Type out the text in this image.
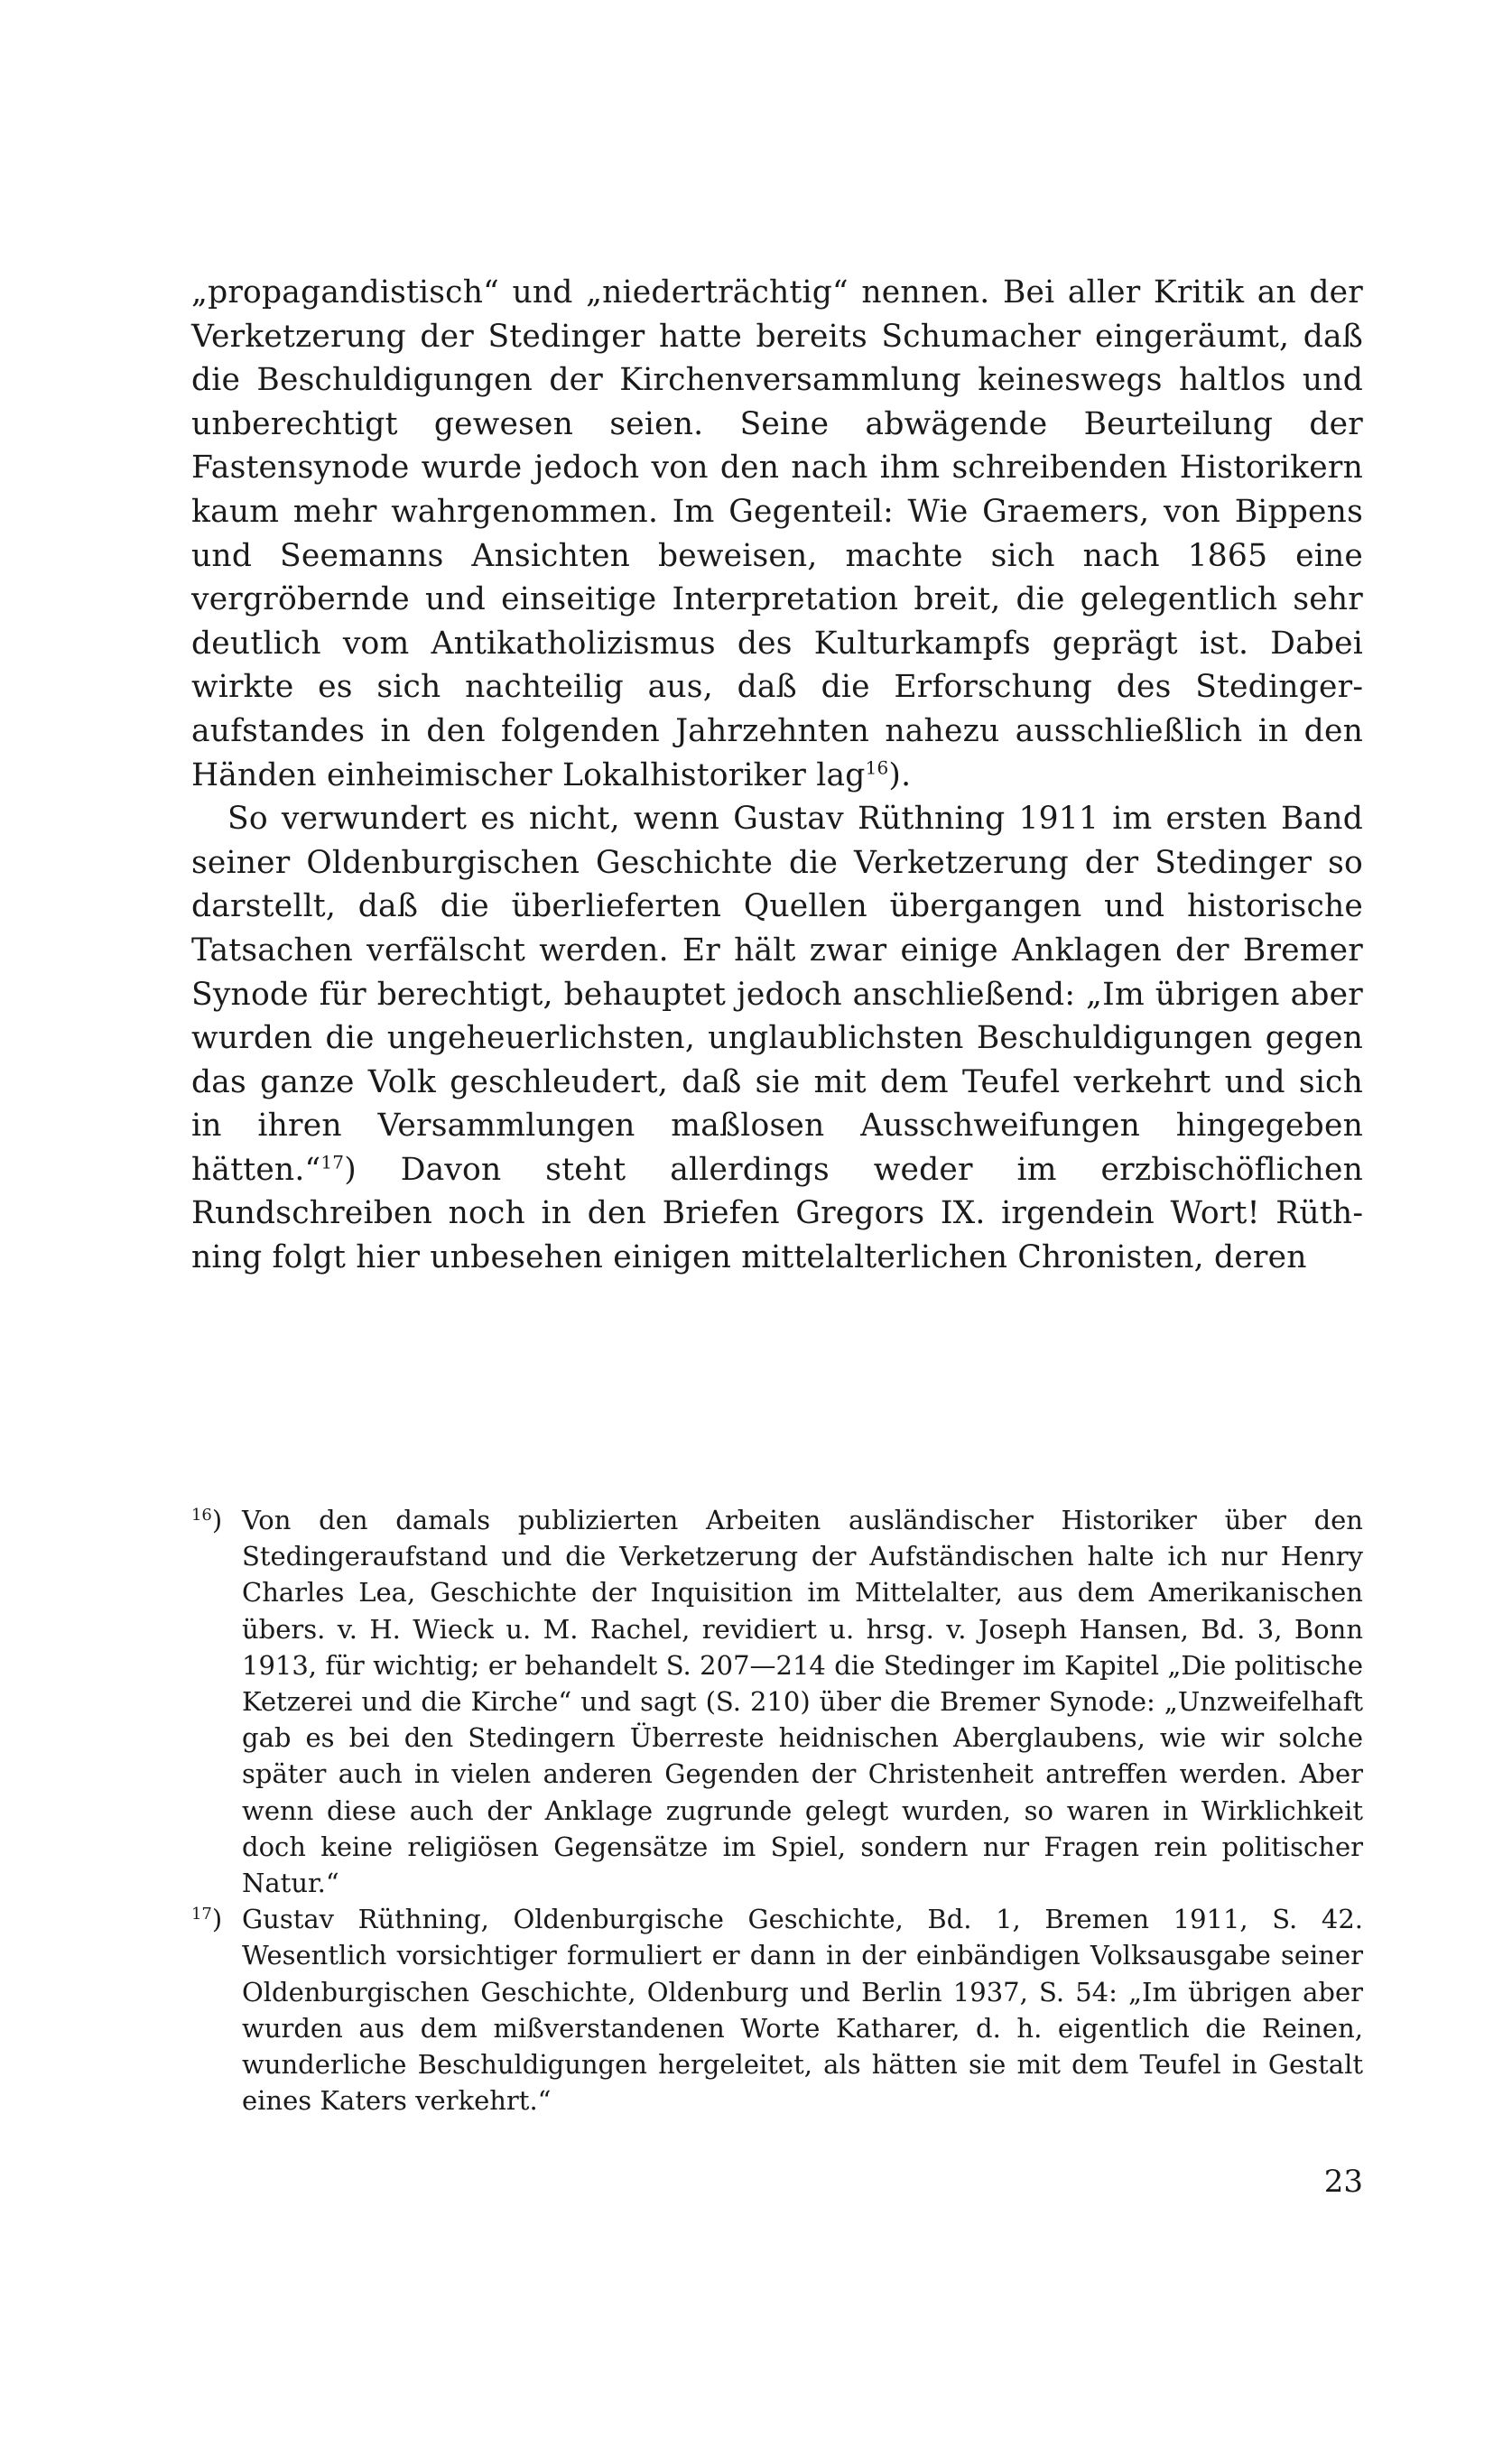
„propagandistisch“ und „niederträchtig“ nennen. Bei aller Kritik an der Verketzerung der Stedinger hatte bereits Schumacher eingeräumt, daß die Beschuldigungen der Kirchenversammlung keineswegs haltlos und unberechtigt gewesen seien. Seine abwägende Beurteilung der Fastensynode wurde jedoch von den nach ihm schreibenden Historikern kaum mehr wahrgenommen. Im Gegenteil: Wie Graemers, von Bippens und Seemanns Ansichten beweisen, machte sich nach 1865 eine vergröbernde und einseitige Interpretation breit, die gelegentlich sehr deutlich vom Antikatholizismus des Kulturkampfs geprägt ist. Dabei wirkte es sich nachteilig aus, daß die Erforschung des Stedingeraufstandes in den folgenden Jahrzehnten nahezu ausschließlich in den Händen einheimischer Lokalhistoriker lag$^{16}$).

So verwundert es nicht, wenn Gustav Rüthning 1911 im ersten Band seiner Oldenburgischen Geschichte die Verketzerung der Stedinger so darstellt, daß die überlieferten Quellen übergangen und historische Tatsachen verfälscht werden. Er hält zwar einige Anklagen der Bremer Synode für berechtigt, behauptet jedoch anschließend: „Im übrigen aber wurden die ungeheuerlichsten, unglaublichsten Beschuldigungen gegen das ganze Volk geschleudert, daß sie mit dem Teufel verkehrt und sich in ihren Versammlungen maßlosen Ausschweifungen hingegeben hätten.“$^{17}$) Davon steht allerdings weder im erzbischöflichen Rundschreiben noch in den Briefen Gregors IX. irgendein Wort! Rüthning folgt hier unbesehen einigen mittelalterlichen Chronisten, deren

$^{16}$) Von den damals publizierten Arbeiten ausländischer Historiker über den Stedingeraufstand und die Verketzerung der Aufständischen halte ich nur Henry Charles Lea, Geschichte der Inquisition im Mittelalter, aus dem Amerikanischen übers. v. H. Wieck u. M. Rachel, revidiert u. hrsg. v. Joseph Hansen, Bd. 3, Bonn 1913, für wichtig; er behandelt S. 207—214 die Stedinger im Kapitel „Die politische Ketzerei und die Kirche“ und sagt (S. 210) über die Bremer Synode: „Unzweifelhaft gab es bei den Stedingern Überreste heidnischen Aberglaubens, wie wir solche später auch in vielen anderen Gegenden der Christenheit antreffen werden. Aber wenn diese auch der Anklage zugrunde gelegt wurden, so waren in Wirklichkeit doch keine religiösen Gegensätze im Spiel, sondern nur Fragen rein politischer Natur.“
$^{17}$) Gustav Rüthning, Oldenburgische Geschichte, Bd. 1, Bremen 1911, S. 42. Wesentlich vorsichtiger formuliert er dann in der einbändigen Volksausgabe seiner Oldenburgischen Geschichte, Oldenburg und Berlin 1937, S. 54: „Im übrigen aber wurden aus dem mißverstandenen Worte Katharer, d. h. eigentlich die Reinen, wunderliche Beschuldigungen hergeleitet, als hätten sie mit dem Teufel in Gestalt eines Katers verkehrt.“
23
